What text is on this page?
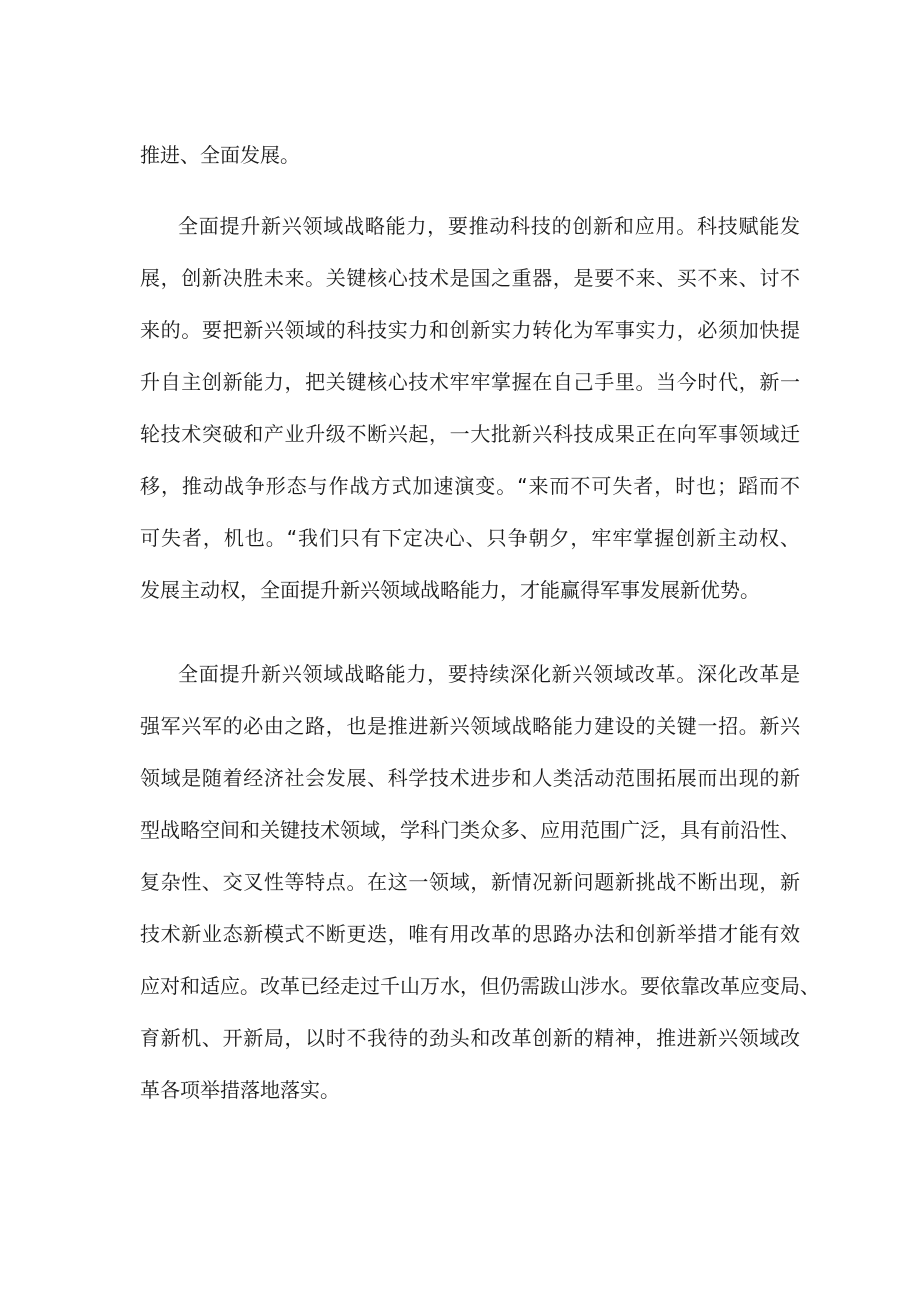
推进、全面发展。
全面提升新兴领域战略能力，要推动科技的创新和应用。科技赋能发
展，创新决胜未来。关键核心技术是国之重器，是要不来、买不来、讨不
来的。要把新兴领域的科技实力和创新实力转化为军事实力，必须加快提
升自主创新能力，把关键核心技术牢牢掌握在自己手里。当今时代，新一
轮技术突破和产业升级不断兴起，一大批新兴科技成果正在向军事领域迁
移，推动战争形态与作战方式加速演变。“来而不可失者，时也；蹈而不
可失者，机也。“我们只有下定决心、只争朝夕，牢牢掌握创新主动权、
发展主动权，全面提升新兴领域战略能力，才能赢得军事发展新优势。
全面提升新兴领域战略能力，要持续深化新兴领域改革。深化改革是
强军兴军的必由之路，也是推进新兴领域战略能力建设的关键一招。新兴
领域是随着经济社会发展、科学技术进步和人类活动范围拓展而出现的新
型战略空间和关键技术领域，学科门类众多、应用范围广泛，具有前沿性、
复杂性、交叉性等特点。在这一领域，新情况新问题新挑战不断出现，新
技术新业态新模式不断更迭，唯有用改革的思路办法和创新举措才能有效
应对和适应。改革已经走过千山万水，但仍需跋山涉水。要依靠改革应变局、
育新机、开新局，以时不我待的劲头和改革创新的精神，推进新兴领域改
革各项举措落地落实。
